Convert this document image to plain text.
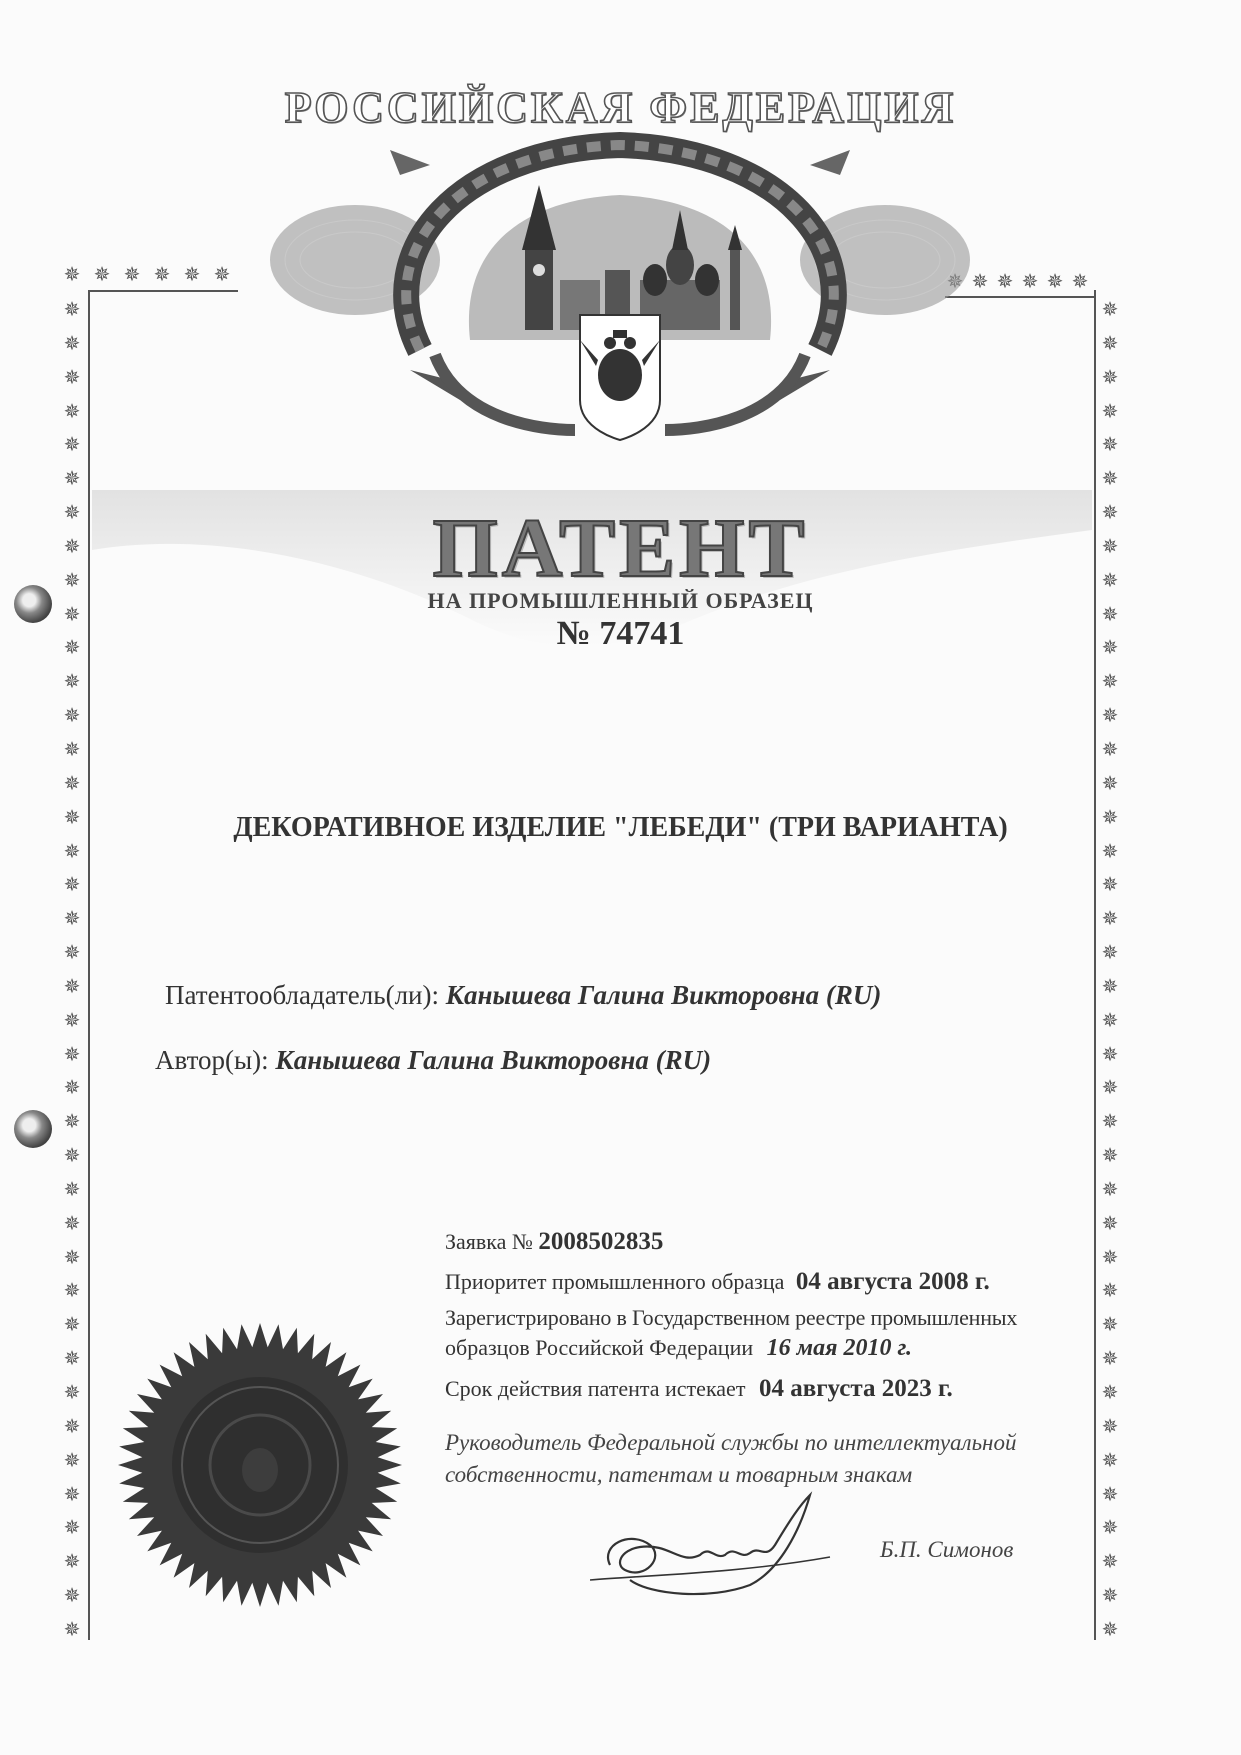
РОССИЙСКАЯ ФЕДЕРАЦИЯ
✵ ✵ ✵ ✵ ✵ ✵	✵ ✵ ✵ ✵ ✵
✵
✵
✵
✵
✵
✵
✵
✵
✵
✵
✵
✵
✵
✵
✵
✵
✵
✵
✵
✵
✵
✵
✵
✵
✵
✵
✵
✵
✵
✵
✵
✵
✵
✵
✵
✵
✵
✵
✵
✵
✵
✵
✵
✵
✵
✵
✵
✵
✵
✵
✵
✵
✵
✵
✵
✵
✵
✵
✵
✵
✵
✵
✵
✵
✵
✵
✵
✵
✵
✵
✵
✵
✵
✵
✵
✵
✵
✵
✵
✵
ПАТЕНТ
НА ПРОМЫШЛЕННЫЙ ОБРАЗЕЦ
№ 74741
ДЕКОРАТИВНОЕ ИЗДЕЛИЕ "ЛЕБЕДИ" (ТРИ ВАРИАНТА)
Патентообладатель(ли): Канышева Галина Викторовна (RU)
Автор(ы): Канышева Галина Викторовна (RU)
Заявка № 2008502835
Приоритет промышленного образца 04 августа 2008 г.
Зарегистрировано в Государственном реестре промышленных
образцов Российской Федерации 16 мая 2010 г.
Срок действия патента истекает 04 августа 2023 г.
Руководитель Федеральной службы по интеллектуальной
собственности, патентам и товарным знакам
Б.П. Симонов
